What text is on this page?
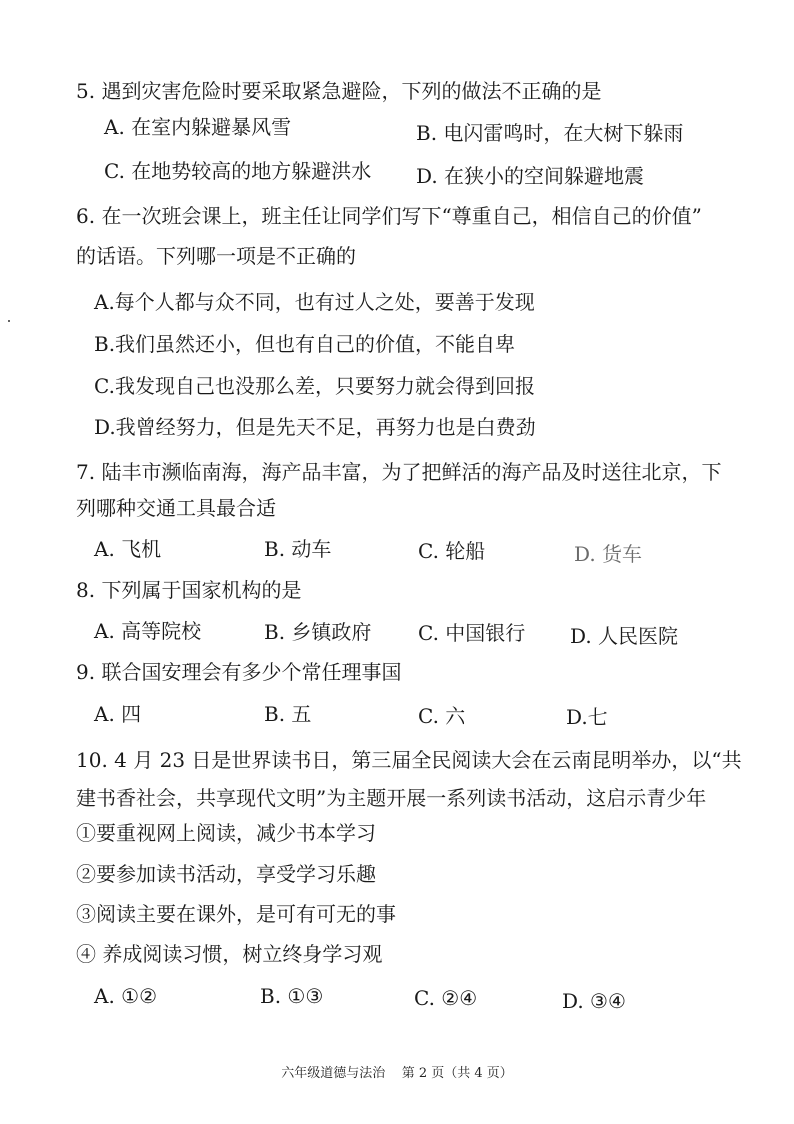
5. 遇到灾害危险时要采取紧急避险，下列的做法不正确的是
A. 在室内躲避暴风雪	B. 电闪雷鸣时，在大树下躲雨
C. 在地势较高的地方躲避洪水 D. 在狭小的空间躲避地震
6. 在一次班会课上，班主任让同学们写下“尊重自己，相信自己的价值”
的话语。下列哪一项是不正确的
A.每个人都与众不同，也有过人之处，要善于发现
B.我们虽然还小，但也有自己的价值，不能自卑
C.我发现自己也没那么差，只要努力就会得到回报
D.我曾经努力，但是先天不足，再努力也是白费劲
7. 陆丰市濒临南海，海产品丰富，为了把鲜活的海产品及时送往北京，下
列哪种交通工具最合适
A. 飞机	B. 动车	C. 轮船	D. 货车
8. 下列属于国家机构的是
A. 高等院校	B. 乡镇政府 C. 中国银行 D. 人民医院
9. 联合国安理会有多少个常任理事国
A. 四	B. 五	C. 六	D.七
10. 4 月 23 日是世界读书日，第三届全民阅读大会在云南昆明举办，以“共
建书香社会，共享现代文明”为主题开展一系列读书活动，这启示青少年
①要重视网上阅读，减少书本学习
②要参加读书活动，享受学习乐趣
③阅读主要在课外，是可有可无的事
④ 养成阅读习惯，树立终身学习观
A. ①②	B. ①③	C. ②④	D. ③④
六年级道德与法治 第 2 页（共 4 页）
